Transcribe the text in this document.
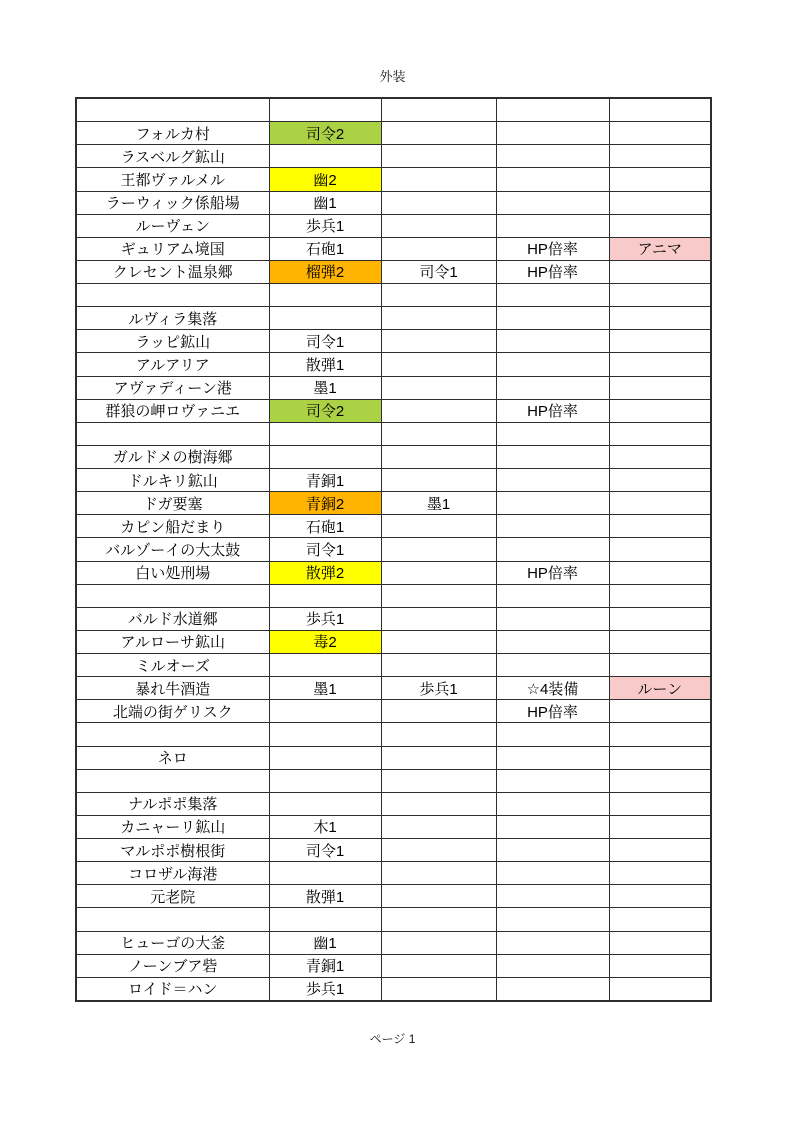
外装

フォルカ村	司令2			
ラスベルグ鉱山				
王都ヴァルメル	幽2			
ラーウィック係船場	幽1			
ルーヴェン	歩兵1			
ギュリアム境国	石砲1		HP倍率	アニマ
クレセント温泉郷	榴弾2	司令1	HP倍率	

ルヴィラ集落				
ラッピ鉱山	司令1			
アルアリア	散弾1			
アヴァディーン港	墨1			
群狼の岬ロヴァニエ	司令2		HP倍率	

ガルドメの樹海郷				
ドルキリ鉱山	青銅1			
ドガ要塞	青銅2	墨1		
カピン船だまり	石砲1			
バルゾーイの大太鼓	司令1			
白い処刑場	散弾2		HP倍率	

バルド水道郷	歩兵1			
アルローサ鉱山	毒2			
ミルオーズ				
暴れ牛酒造	墨1	歩兵1	☆4装備	ルーン
北端の街ゲリスク			HP倍率	

ネロ				

ナルポポ集落				
カニャーリ鉱山	木1			
マルポポ樹根街	司令1			
コロザル海港				
元老院	散弾1			

ヒューゴの大釜	幽1			
ノーンブア砦	青銅1			
ロイド＝ハン	歩兵1			
ページ 1
